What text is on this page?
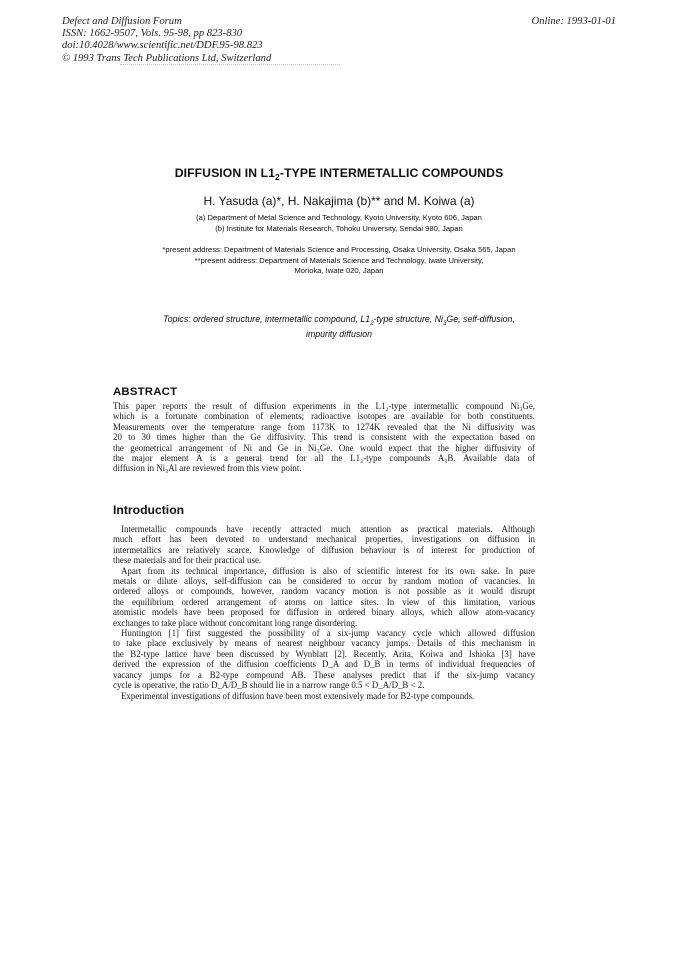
Defect and Diffusion Forum
ISSN: 1662-9507, Vols. 95-98, pp 823-830
doi:10.4028/www.scientific.net/DDF.95-98.823
© 1993 Trans Tech Publications Ltd, Switzerland
Online: 1993-01-01
DIFFUSION IN $L1_2$-TYPE INTERMETALLIC COMPOUNDS
H. Yasuda (a)*, H. Nakajima (b)** and M. Koiwa (a)
(a) Department of Metal Science and Technology, Kyoto University, Kyoto 606, Japan
(b) Institute for Materials Research, Tohoku University, Sendai 980, Japan
*present address: Department of Materials Science and Processing, Osaka University, Osaka 565, Japan
**present address: Department of Materials Science and Technology, Iwate University,
Morioka, Iwate 020, Japan
Topics: ordered structure, intermetallic compound, $L1_2$-type structure, $Ni_3Ge$, self-diffusion,
impurity diffusion
ABSTRACT
This paper reports the result of diffusion experiments in the L1₂-type intermetallic compound Ni₃Ge,
which is a fortunate combination of elements; radioactive isotopes are available for both constituents.
Measurements over the temperature range from 1173K to 1274K revealed that the Ni diffusivity was
20 to 30 times higher than the Ge diffusivity. This trend is consistent with the expectation based on
the geometrical arrangement of Ni and Ge in Ni₃Ge. One would expect that the higher diffusivity of
the major element A is a general trend for all the L1₂-type compounds A₃B. Available data of
diffusion in Ni₃Al are reviewed from this view point.
Introduction
Intermetallic compounds have recently attracted much attention as practical materials. Although
much effort has been devoted to understand mechanical properties, investigations on diffusion in
intermetallics are relatively scarce. Knowledge of diffusion behaviour is of interest for production of
these materials and for their practical use.
Apart from its technical importance, diffusion is also of scientific interest for its own sake. In pure
metals or dilute alloys, self-diffusion can be considered to occur by random motion of vacancies. In
ordered alloys or compounds, however, random vacancy motion is not possible as it would disrupt
the equilibrium ordered arrangement of atoms on lattice sites. In view of this limitation, various
atomistic models have been proposed for diffusion in ordered binary alloys, which allow atom-vacancy
exchanges to take place without concomitant long range disordering.
Huntington [1] first suggested the possibility of a six-jump vacancy cycle which allowed diffusion
to take place exclusively by means of nearest neighbour vacancy jumps. Details of this mechanism in
the B2-type lattice have been discussed by Wynblatt [2]. Recently, Arita, Koiwa and Ishioka [3] have
derived the expression of the diffusion coefficients D_A and D_B in terms of individual frequencies of
vacancy jumps for a B2-type compound AB. These analyses predict that if the six-jump vacancy
cycle is operative, the ratio D_A/D_B should lie in a narrow range 0.5 < D_A/D_B < 2.
Experimental investigations of diffusion have been most extensively made for B2-type compounds.
